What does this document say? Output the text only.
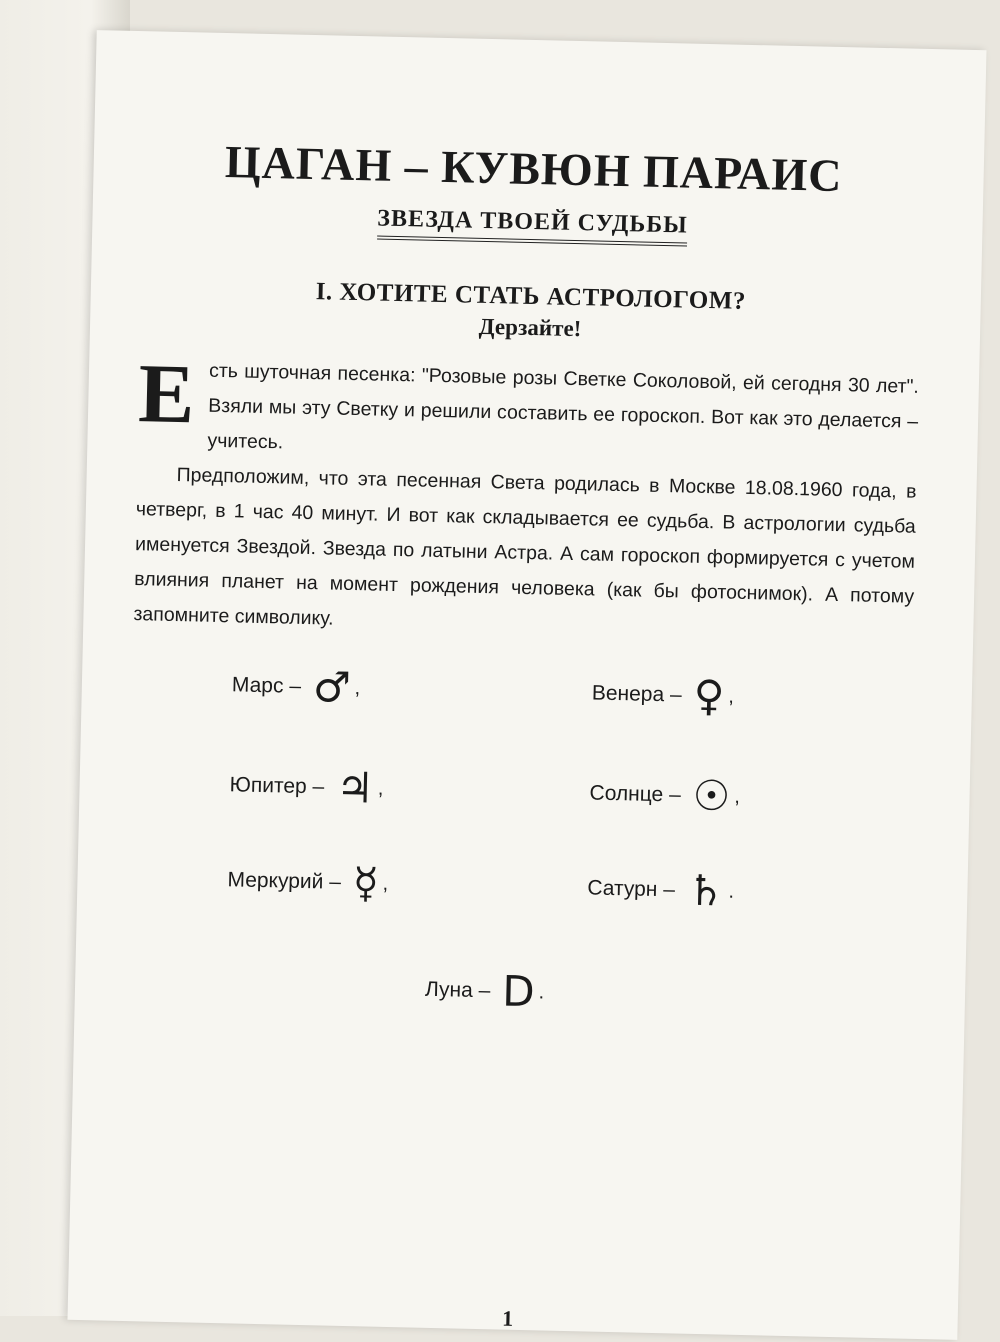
ЦАГАН – КУВЮН ПАРАИС
ЗВЕЗДА ТВОЕЙ СУДЬБЫ
I. ХОТИТЕ СТАТЬ АСТРОЛОГОМ?
Дерзайте!

Есть шуточная песенка: "Розовые розы Светке Соколовой, ей сегодня 30 лет". Взяли мы эту Светку и решили составить ее гороскоп. Вот как это делается – учитесь.

Предположим, что эта песенная Света родилась в Москве 18.08.1960 года, в четверг, в 1 час 40 минут. И вот как складывается ее судьба. В астрологии судьба именуется Звездой. Звезда по латыни Астра. А сам гороскоп формируется с учетом влияния планет на момент рождения человека (как бы фотоснимок). А потому запомните символику.

Марс – ♂ ,	Венера – ♀ ,
Юпитер – ♃ ,	Солнце – ☉ ,
Меркурий – ☿ ,	Сатурн – ♄ .
Луна – D .
1
